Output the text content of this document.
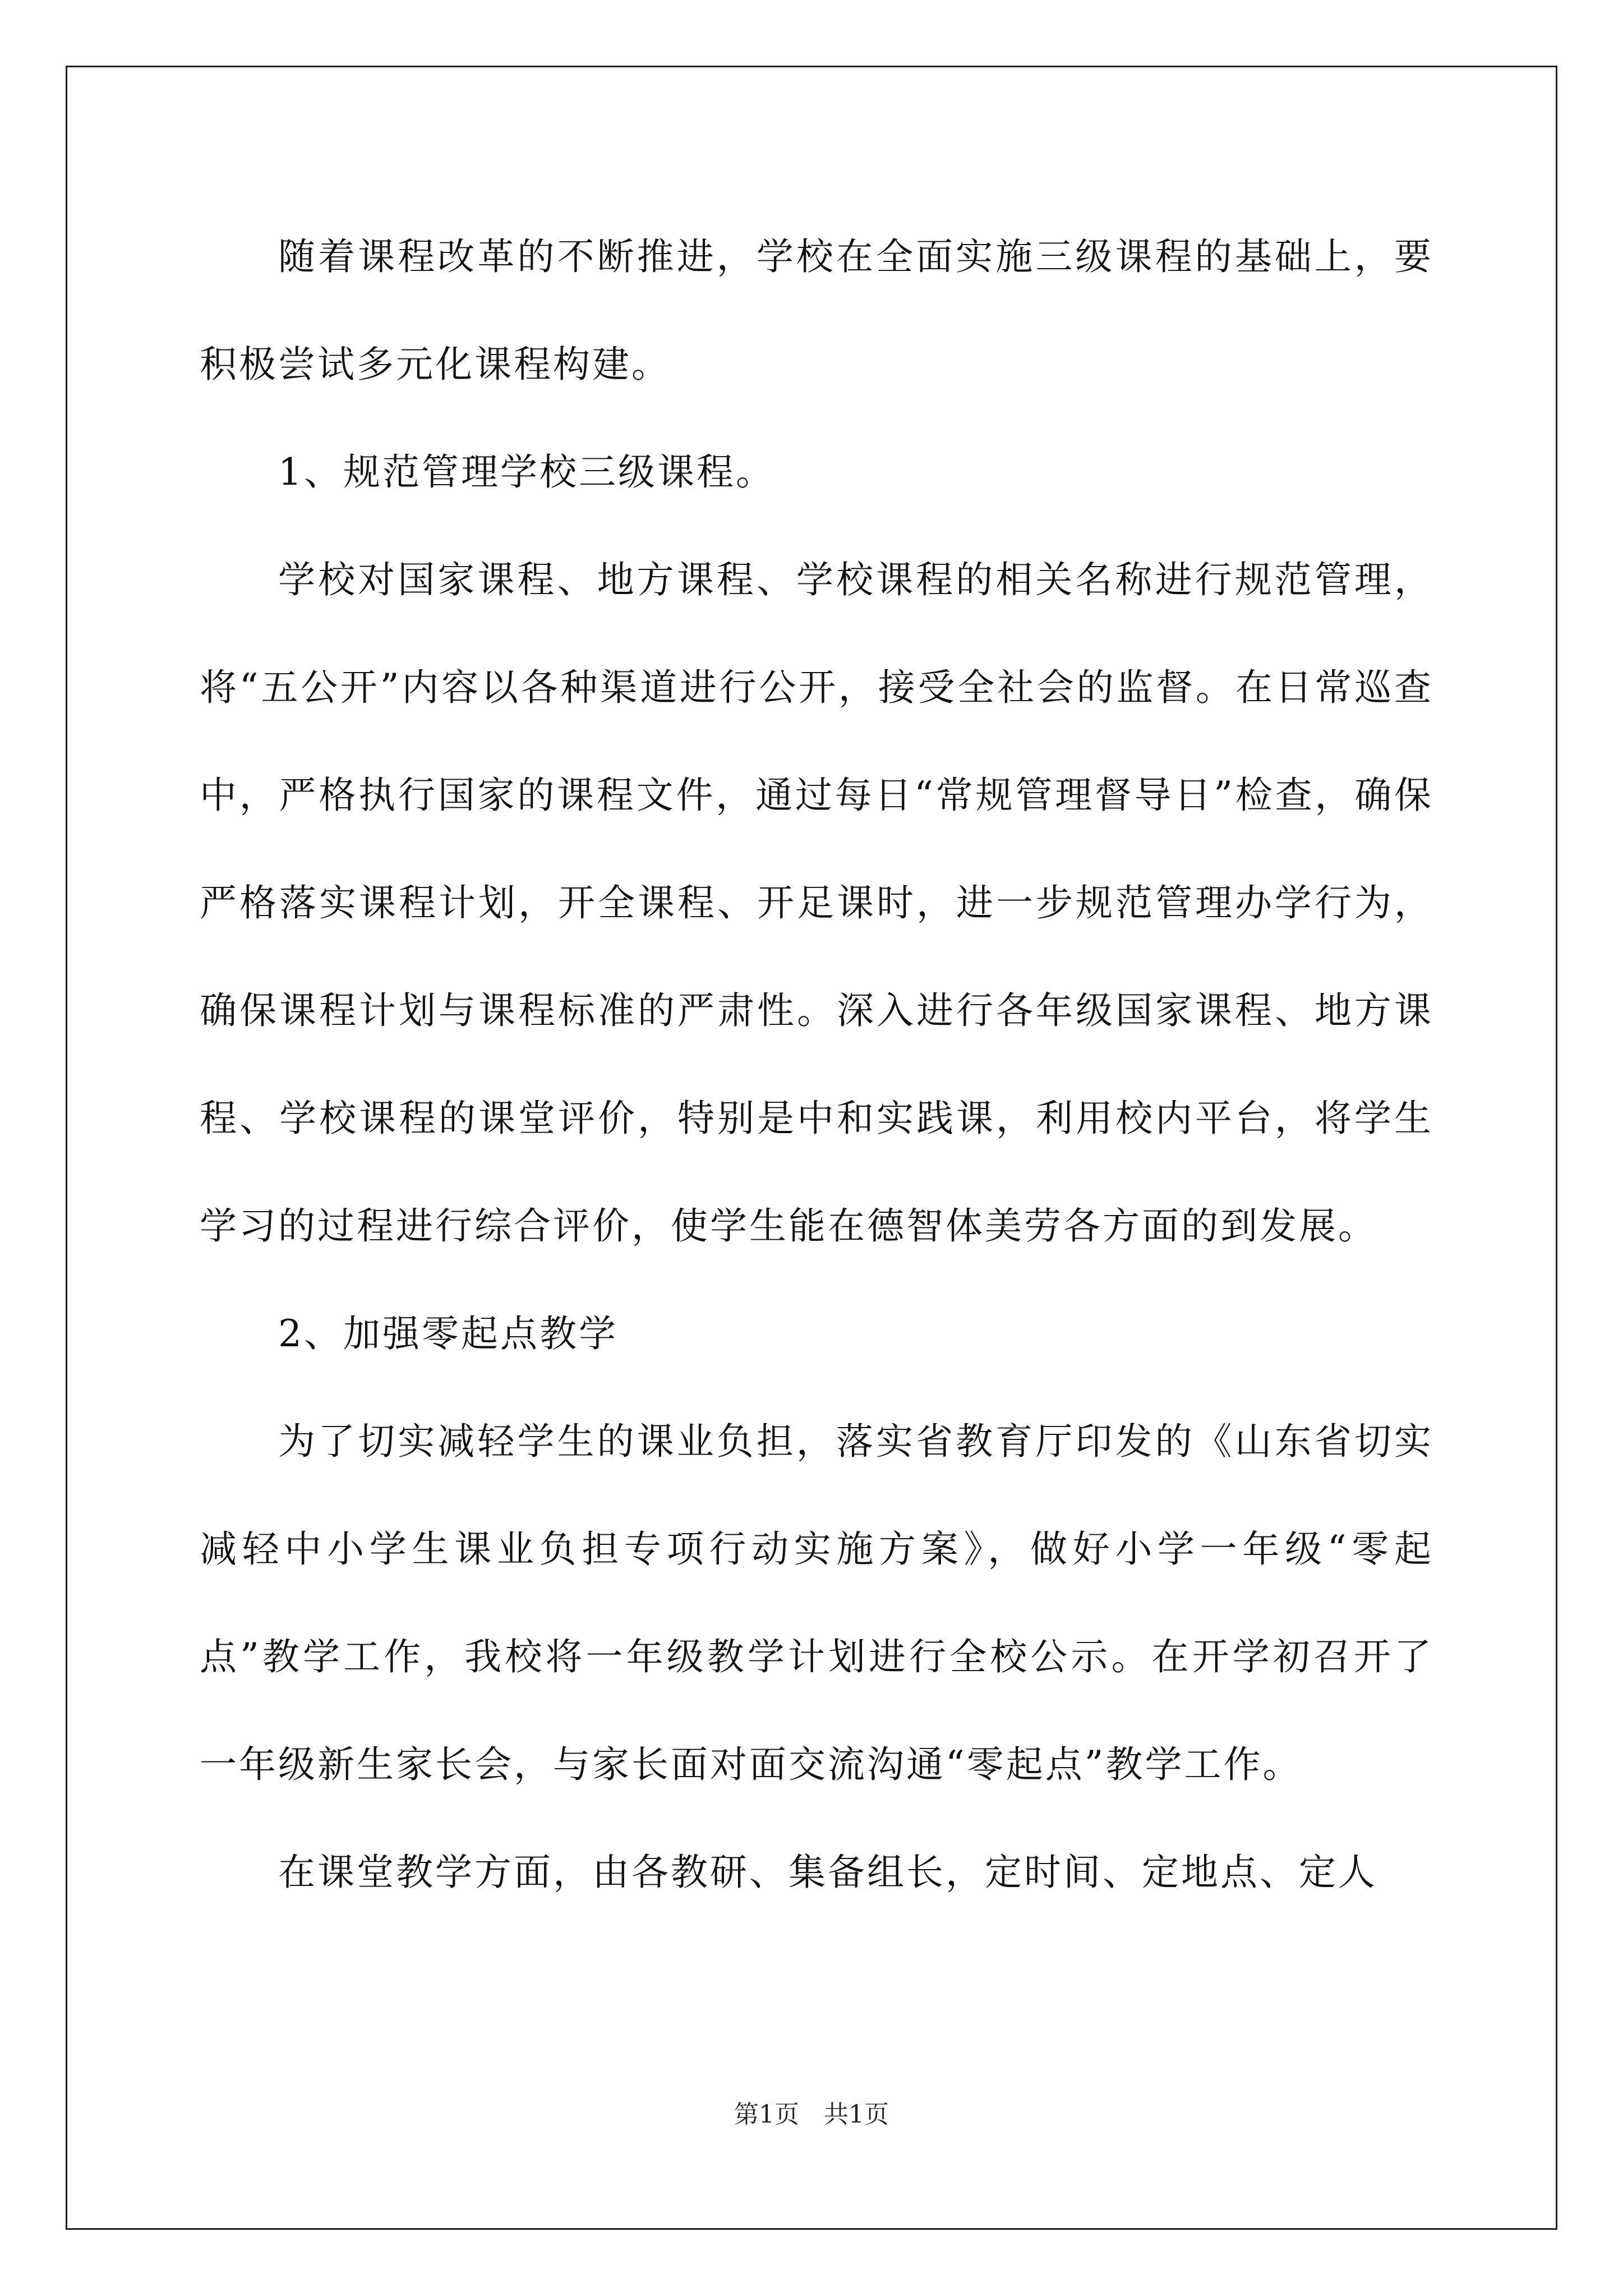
随着课程改革的不断推进，学校在全面实施三级课程的基础上，要积极尝试多元化课程构建。

1、规范管理学校三级课程。

学校对国家课程、地方课程、学校课程的相关名称进行规范管理，将“五公开”内容以各种渠道进行公开，接受全社会的监督。在日常巡查中，严格执行国家的课程文件，通过每日“常规管理督导日”检查，确保严格落实课程计划，开全课程、开足课时，进一步规范管理办学行为，确保课程计划与课程标准的严肃性。深入进行各年级国家课程、地方课程、学校课程的课堂评价，特别是中和实践课，利用校内平台，将学生学习的过程进行综合评价，使学生能在德智体美劳各方面的到发展。

2、加强零起点教学

为了切实减轻学生的课业负担，落实省教育厅印发的《山东省切实减轻中小学生课业负担专项行动实施方案》，做好小学一年级“零起点”教学工作，我校将一年级教学计划进行全校公示。在开学初召开了一年级新生家长会，与家长面对面交流沟通“零起点”教学工作。

在课堂教学方面，由各教研、集备组长，定时间、定地点、定人

第1页　共1页
